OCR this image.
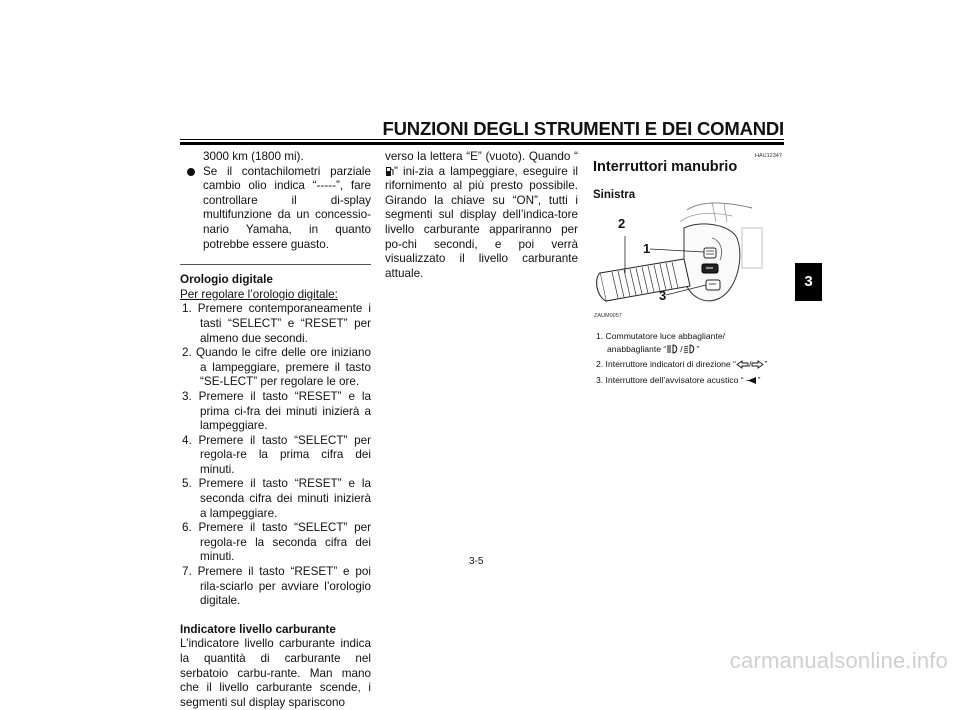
FUNZIONI DEGLI STRUMENTI E DEI COMANDI
3

3000 km (1800 mi).

Se il contachilometri parziale cambio olio indica “-----”, fare controllare il di-splay multifunzione da un concessio-nario Yamaha, in quanto potrebbe essere guasto.

Orologio digitale

Per regolare l’orologio digitale:

1. Premere contemporaneamente i tasti “SELECT” e “RESET” per almeno due secondi.
2. Quando le cifre delle ore iniziano a lampeggiare, premere il tasto “SE-LECT” per regolare le ore.
3. Premere il tasto “RESET” e la prima ci-fra dei minuti inizierà a lampeggiare.
4. Premere il tasto “SELECT” per regola-re la prima cifra dei minuti.
5. Premere il tasto “RESET” e la seconda cifra dei minuti inizierà a lampeggiare.
6. Premere il tasto “SELECT” per regola-re la seconda cifra dei minuti.
7. Premere il tasto “RESET” e poi rila-sciarlo per avviare l’orologio digitale.

Indicatore livello carburante

L’indicatore livello carburante indica la quantità di carburante nel serbatoio carbu-rante. Man mano che il livello carburante scende, i segmenti sul display spariscono

verso la lettera “E” (vuoto). Quando “” ini-zia a lampeggiare, eseguire il rifornimento al più presto possibile. Girando la chiave su “ON”, tutti i segmenti sul display dell’indica-tore livello carburante appariranno per po-chi secondi, e poi verrà visualizzato il livello carburante attuale.

HAU12347
Interruttori manubrio
Sinistra
2
1
3
ZAUM0057
1. Commutatore luce abbagliante/
anabbagliante “ / ”
2. Interruttore indicatori di direzione “ / ”
3. Interruttore dell’avvisatore acustico “ ”
3-5
carmanualsonline.info
